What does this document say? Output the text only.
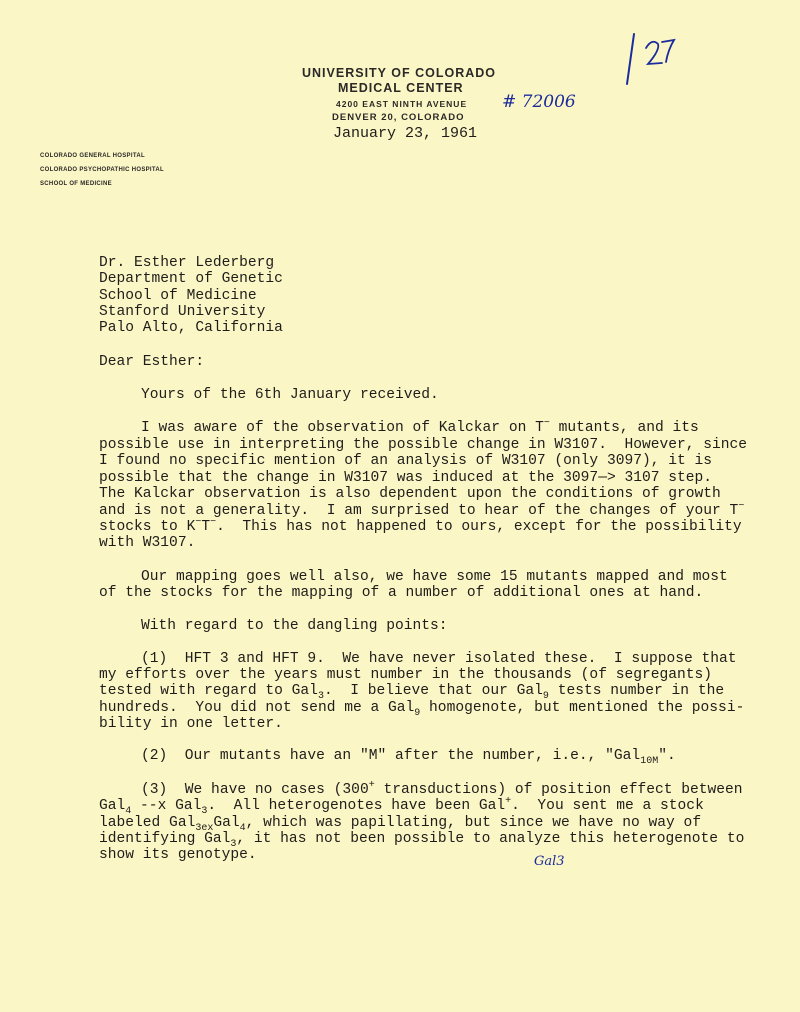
UNIVERSITY OF COLORADO
MEDICAL CENTER
4200 EAST NINTH AVENUE
DENVER 20, COLORADO
January 23, 1961
COLORADO GENERAL HOSPITAL
COLORADO PSYCHOPATHIC HOSPITAL
SCHOOL OF MEDICINE
# 72006
Gal3
Dr. Esther Lederberg
Department of Genetic
School of Medicine
Stanford University
Palo Alto, California
Dear Esther:
Yours of the 6th January received.
I was aware of the observation of Kalckar on T− mutants, and its
possible use in interpreting the possible change in W3107.  However, since
I found no specific mention of an analysis of W3107 (only 3097), it is
possible that the change in W3107 was induced at the 3097—> 3107 step.
The Kalckar observation is also dependent upon the conditions of growth
and is not a generality.  I am surprised to hear of the changes of your T−
stocks to K−T−.  This has not happened to ours, except for the possibility
with W3107.
Our mapping goes well also, we have some 15 mutants mapped and most
of the stocks for the mapping of a number of additional ones at hand.
With regard to the dangling points:
(1)  HFT 3 and HFT 9.  We have never isolated these.  I suppose that
my efforts over the years must number in the thousands (of segregants)
tested with regard to Gal$_3$.  I believe that our Gal$_9$ tests number in the
hundreds.  You did not send me a Gal$_9$ homogenote, but mentioned the possi-
bility in one letter.
(2)  Our mutants have an "M" after the number, i.e., "Gal$_{10M}$".
(3)  We have no cases (300+ transductions) of position effect between
Gal$_4$ --x Gal$_3$.  All heterogenotes have been Gal+.  You sent me a stock
labeled Gal$_{3ex}$Gal$_4$, which was papillating, but since we have no way of
identifying Gal$_3$, it has not been possible to analyze this heterogenote to
show its genotype.
